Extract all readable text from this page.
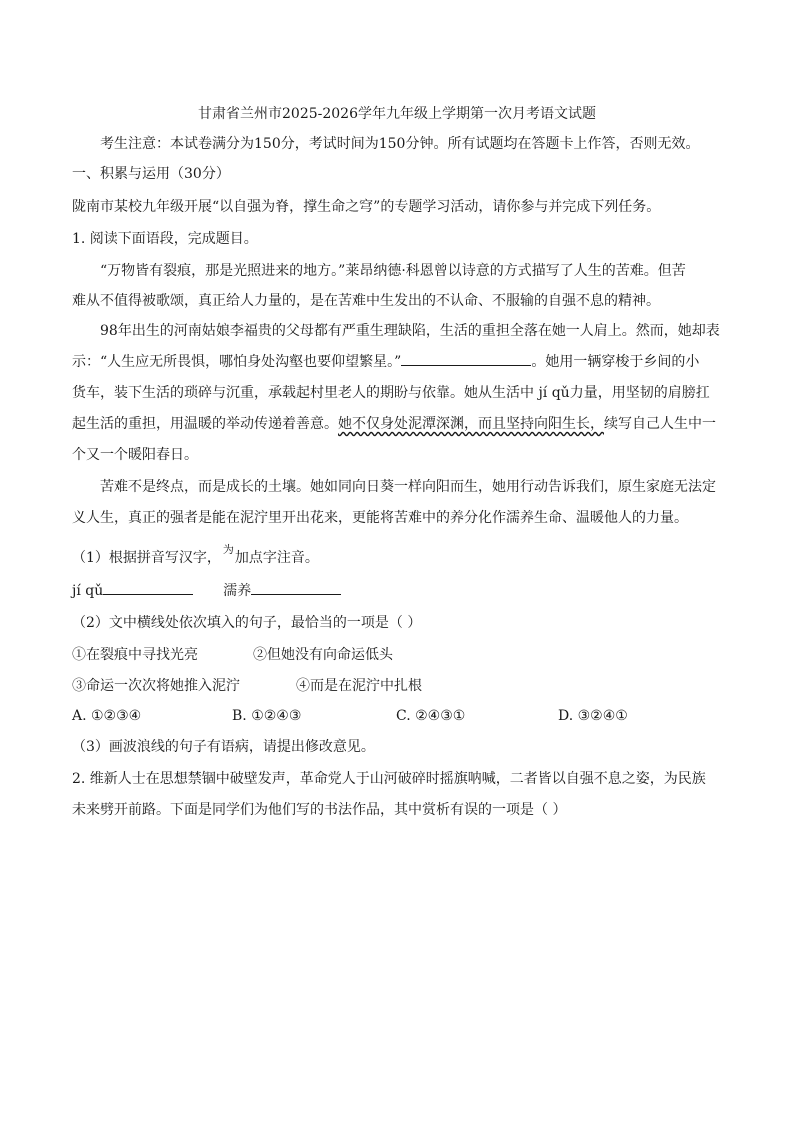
甘肃省兰州市2025-2026学年九年级上学期第一次月考语文试题
考生注意：本试卷满分为150分，考试时间为150分钟。所有试题均在答题卡上作答，否则无效。
一、积累与运用（30分）
陇南市某校九年级开展“以自强为脊，撑生命之穹”的专题学习活动，请你参与并完成下列任务。
1. 阅读下面语段，完成题目。
“万物皆有裂痕，那是光照进来的地方。”莱昂纳德·科恩曾以诗意的方式描写了人生的苦难。但苦
难从不值得被歌颂，真正给人力量的，是在苦难中生发出的不认命、不服输的自强不息的精神。
98年出生的河南姑娘李福贵的父母都有严重生理缺陷，生活的重担全落在她一人肩上。然而，她却表
示：“人生应无所畏惧，哪怕身处沟壑也要仰望繁星。”	。她用一辆穿梭于乡间的小
货车，装下生活的琐碎与沉重，承载起村里老人的期盼与依靠。她从生活中 jí qǔ力量，用坚韧的肩膀扛
起生活的重担，用温暖的举动传递着善意。她不仅身处泥潭深渊，而且坚持向阳生长，续写自己人生中一
个又一个暖阳春日。
苦难不是终点，而是成长的土壤。她如同向日葵一样向阳而生，她用行动告诉我们，原生家庭无法定
义人生，真正的强者是能在泥泞里开出花来，更能将苦难中的养分化作濡养生命、温暖他人的力量。
（1）根据拼音写汉字，
为
 加点字注音。
jí qǔ	濡养
（2）文中横线处依次填入的句子，最恰当的一项是（ ）
①在裂痕中寻找光亮	②但她没有向命运低头
③命运一次次将她推入泥泞	④而是在泥泞中扎根
A. ①②③④	B. ①②④③	C. ②④③①	D. ③②④①
（3）画波浪线的句子有语病，请提出修改意见。
2. 维新人士在思想禁锢中破壁发声，革命党人于山河破碎时摇旗呐喊，二者皆以自强不息之姿，为民族
未来劈开前路。下面是同学们为他们写的书法作品，其中赏析有误的一项是（ ）
